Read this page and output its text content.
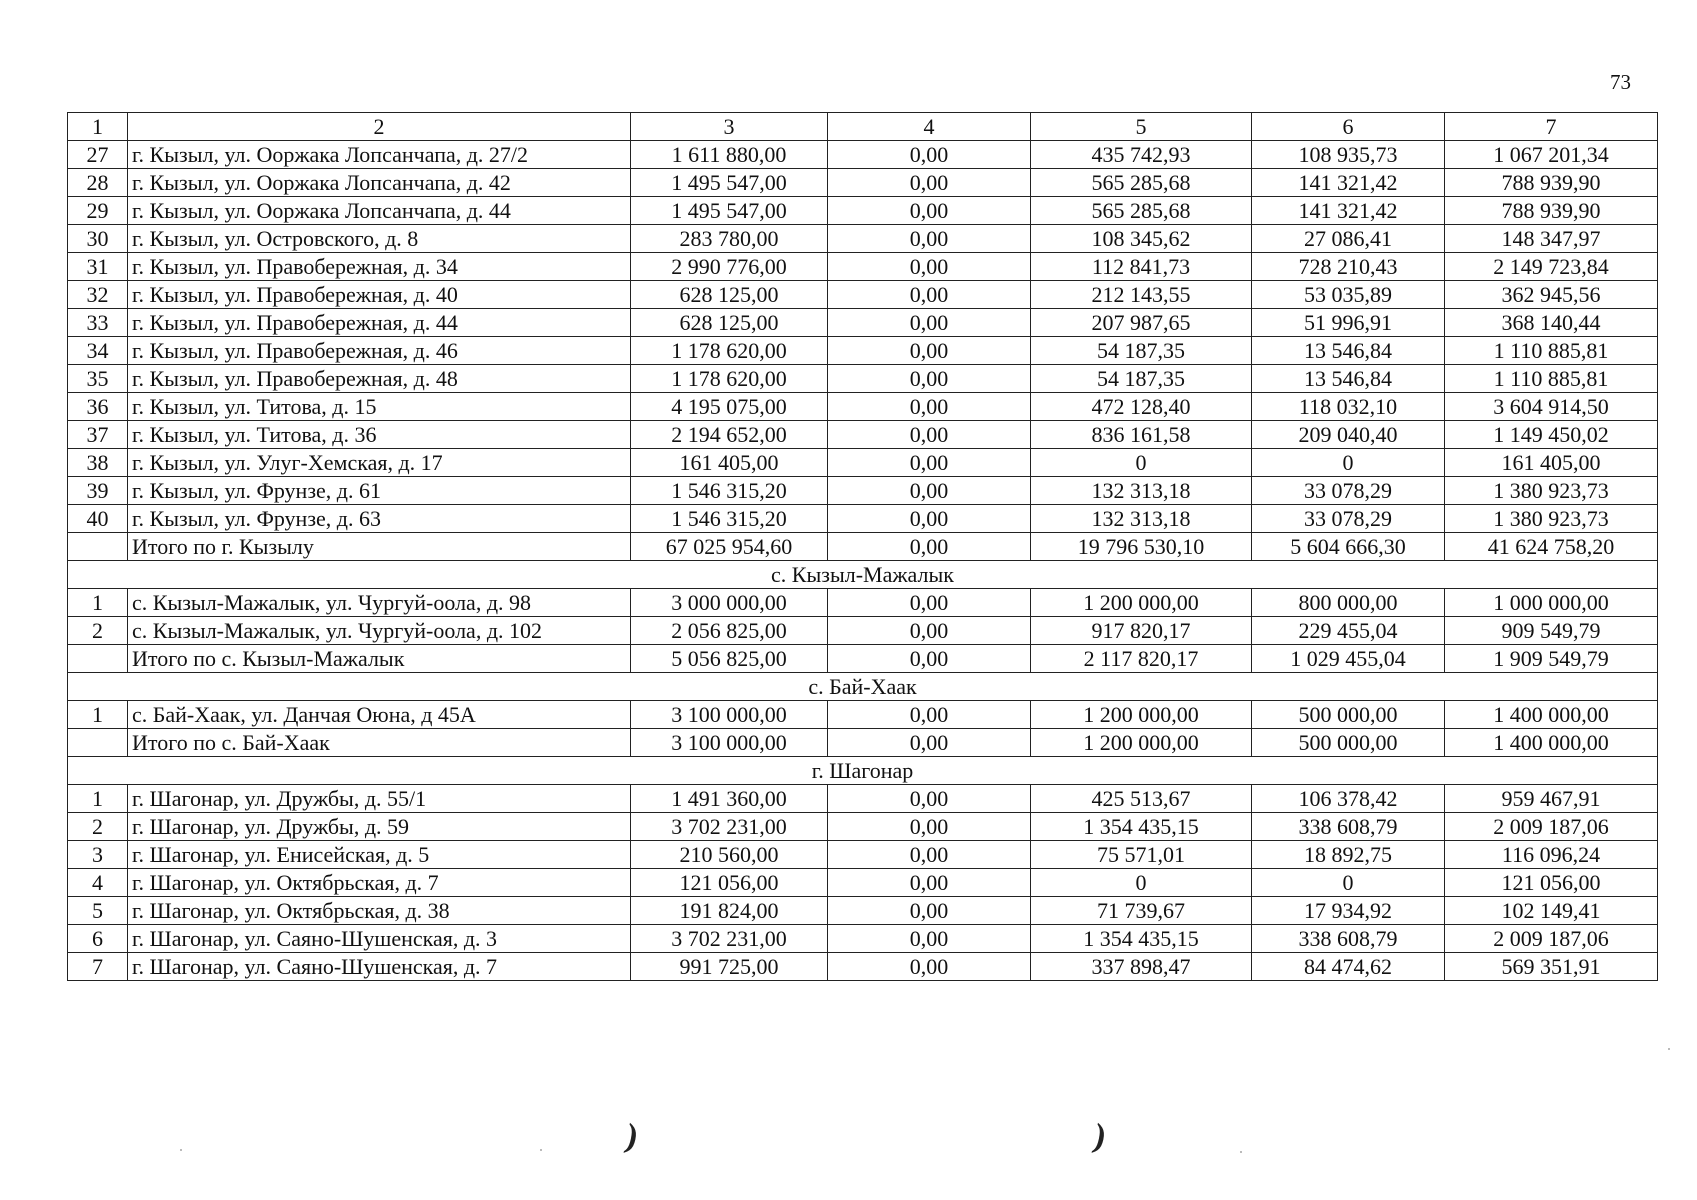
73
1	2	3	4	5	6	7
27	г. Кызыл, ул. Ооржака Лопсанчапа, д. 27/2	1 611 880,00	0,00	435 742,93	108 935,73	1 067 201,34
28	г. Кызыл, ул. Ооржака Лопсанчапа, д. 42	1 495 547,00	0,00	565 285,68	141 321,42	788 939,90
29	г. Кызыл, ул. Ооржака Лопсанчапа, д. 44	1 495 547,00	0,00	565 285,68	141 321,42	788 939,90
30	г. Кызыл, ул. Островского, д. 8	283 780,00	0,00	108 345,62	27 086,41	148 347,97
31	г. Кызыл, ул. Правобережная, д. 34	2 990 776,00	0,00	112 841,73	728 210,43	2 149 723,84
32	г. Кызыл, ул. Правобережная, д. 40	628 125,00	0,00	212 143,55	53 035,89	362 945,56
33	г. Кызыл, ул. Правобережная, д. 44	628 125,00	0,00	207 987,65	51 996,91	368 140,44
34	г. Кызыл, ул. Правобережная, д. 46	1 178 620,00	0,00	54 187,35	13 546,84	1 110 885,81
35	г. Кызыл, ул. Правобережная, д. 48	1 178 620,00	0,00	54 187,35	13 546,84	1 110 885,81
36	г. Кызыл, ул. Титова, д. 15	4 195 075,00	0,00	472 128,40	118 032,10	3 604 914,50
37	г. Кызыл, ул. Титова, д. 36	2 194 652,00	0,00	836 161,58	209 040,40	1 149 450,02
38	г. Кызыл, ул. Улуг-Хемская, д. 17	161 405,00	0,00	0	0	161 405,00
39	г. Кызыл, ул. Фрунзе, д. 61	1 546 315,20	0,00	132 313,18	33 078,29	1 380 923,73
40	г. Кызыл, ул. Фрунзе, д. 63	1 546 315,20	0,00	132 313,18	33 078,29	1 380 923,73
	Итого по г. Кызылу	67 025 954,60	0,00	19 796 530,10	5 604 666,30	41 624 758,20
с. Кызыл-Мажалык						
1	с. Кызыл-Мажалык, ул. Чургуй-оола, д. 98	3 000 000,00	0,00	1 200 000,00	800 000,00	1 000 000,00
2	с. Кызыл-Мажалык, ул. Чургуй-оола, д. 102	2 056 825,00	0,00	917 820,17	229 455,04	909 549,79
	Итого по с. Кызыл-Мажалык	5 056 825,00	0,00	2 117 820,17	1 029 455,04	1 909 549,79
с. Бай-Хаак						
1	с. Бай-Хаак, ул. Данчая Оюна, д 45А	3 100 000,00	0,00	1 200 000,00	500 000,00	1 400 000,00
	Итого по с. Бай-Хаак	3 100 000,00	0,00	1 200 000,00	500 000,00	1 400 000,00
г. Шагонар						
1	г. Шагонар, ул. Дружбы, д. 55/1	1 491 360,00	0,00	425 513,67	106 378,42	959 467,91
2	г. Шагонар, ул. Дружбы, д. 59	3 702 231,00	0,00	1 354 435,15	338 608,79	2 009 187,06
3	г. Шагонар, ул. Енисейская, д. 5	210 560,00	0,00	75 571,01	18 892,75	116 096,24
4	г. Шагонар, ул. Октябрьская, д. 7	121 056,00	0,00	0	0	121 056,00
5	г. Шагонар, ул. Октябрьская, д. 38	191 824,00	0,00	71 739,67	17 934,92	102 149,41
6	г. Шагонар, ул. Саяно-Шушенская, д. 3	3 702 231,00	0,00	1 354 435,15	338 608,79	2 009 187,06
7	г. Шагонар, ул. Саяно-Шушенская, д. 7	991 725,00	0,00	337 898,47	84 474,62	569 351,91
)	)
